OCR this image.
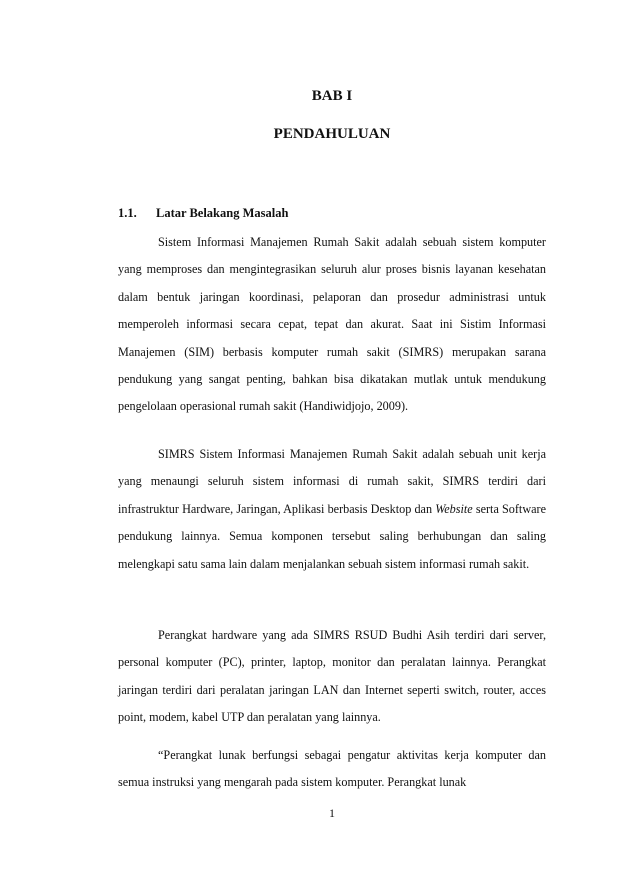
BAB I
PENDAHULUAN
1.1. Latar Belakang Masalah

Sistem Informasi Manajemen Rumah Sakit adalah sebuah sistem komputer yang memproses dan mengintegrasikan seluruh alur proses bisnis layanan kesehatan dalam bentuk jaringan koordinasi, pelaporan dan prosedur administrasi untuk memperoleh informasi secara cepat, tepat dan akurat. Saat ini Sistim Informasi Manajemen (SIM) berbasis komputer rumah sakit (SIMRS) merupakan sarana pendukung yang sangat penting, bahkan bisa dikatakan mutlak untuk mendukung pengelolaan operasional rumah sakit (Handiwidjojo, 2009).

SIMRS Sistem Informasi Manajemen Rumah Sakit adalah sebuah unit kerja yang menaungi seluruh sistem informasi di rumah sakit, SIMRS terdiri dari infrastruktur Hardware, Jaringan, Aplikasi berbasis Desktop dan Website serta Software pendukung lainnya. Semua komponen tersebut saling berhubungan dan saling melengkapi satu sama lain dalam menjalankan sebuah sistem informasi rumah sakit.

Perangkat hardware yang ada SIMRS RSUD Budhi Asih terdiri dari server, personal komputer (PC), printer, laptop, monitor dan peralatan lainnya. Perangkat jaringan terdiri dari peralatan jaringan LAN dan Internet seperti switch, router, acces point, modem, kabel UTP dan peralatan yang lainnya.

“Perangkat lunak berfungsi sebagai pengatur aktivitas kerja komputer dan semua instruksi yang mengarah pada sistem komputer. Perangkat lunak

1
